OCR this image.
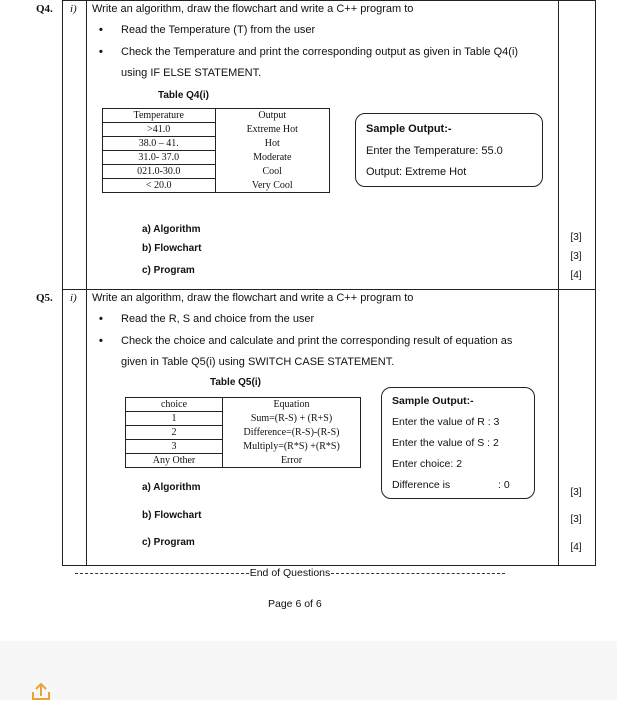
Q4. i) Write an algorithm, draw the flowchart and write a C++ program to
• Read the Temperature (T) from the user
• Check the Temperature and print the corresponding output as given in Table Q4(i)
using IF ELSE STATEMENT.
Table Q4(i)
Temperature	Output
>41.0	Extreme Hot
38.0 – 41.	Hot
31.0- 37.0	Moderate
021.0-30.0	Cool
< 20.0	Very Cool
Sample Output:-
Enter the Temperature: 55.0
Output: Extreme Hot
a) Algorithm
b) Flowchart
c) Program
[3]
[3]
[4]
Q5. i) Write an algorithm, draw the flowchart and write a C++ program to
• Read the R, S and choice from the user
• Check the choice and calculate and print the corresponding result of equation as
given in Table Q5(i) using SWITCH CASE STATEMENT.
Table Q5(i)
choice	Equation
1	Sum=(R-S) + (R+S)
2	Difference=(R-S)-(R-S)
3	Multiply=(R*S) +(R*S)
Any Other	Error
Sample Output:-
Enter the value of R : 3
Enter the value of S : 2
Enter choice: 2
Difference is	: 0
a) Algorithm
b) Flowchart
c) Program
[3]
[3]
[4]
End of Questions
Page 6 of 6
